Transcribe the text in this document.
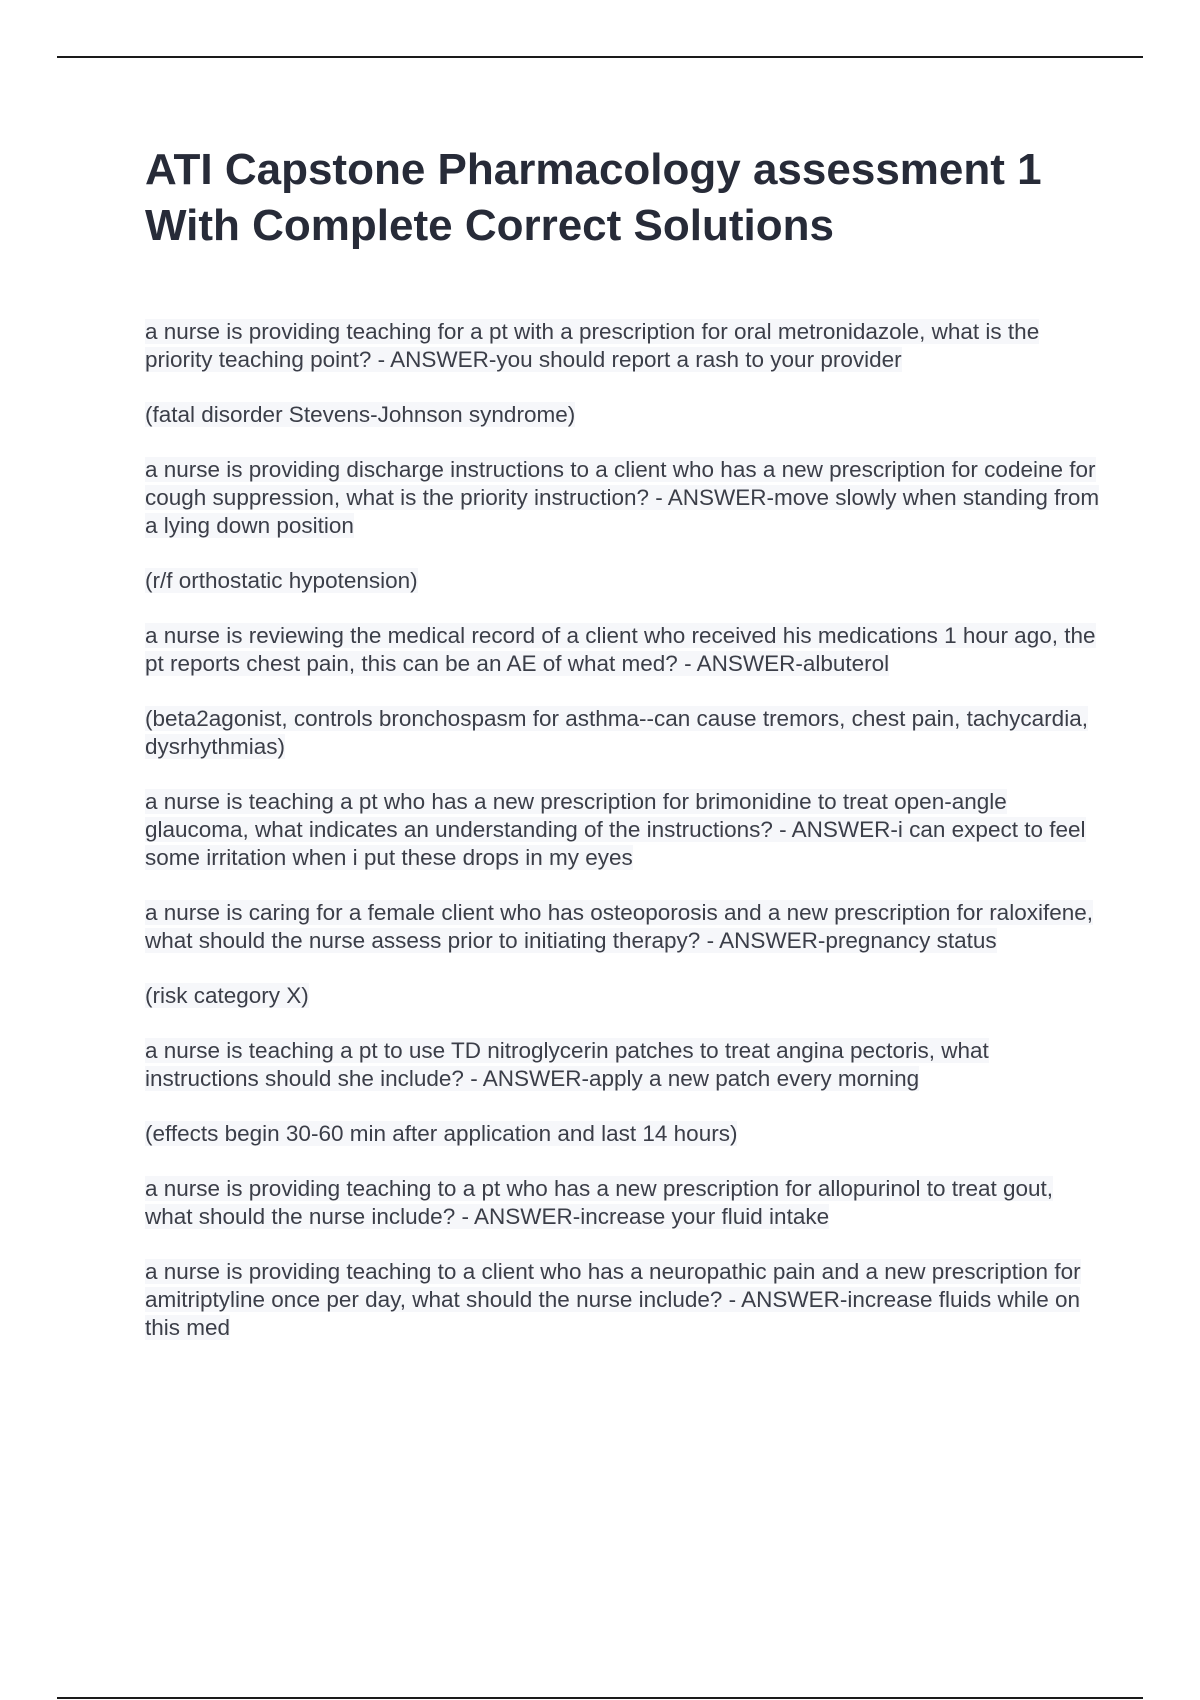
ATI Capstone Pharmacology assessment 1 With Complete Correct Solutions

a nurse is providing teaching for a pt with a prescription for oral metronidazole, what is the priority teaching point? - ANSWER-you should report a rash to your provider

(fatal disorder Stevens-Johnson syndrome)

a nurse is providing discharge instructions to a client who has a new prescription for codeine for cough suppression, what is the priority instruction? - ANSWER-move slowly when standing from a lying down position

(r/f orthostatic hypotension)

a nurse is reviewing the medical record of a client who received his medications 1 hour ago, the pt reports chest pain, this can be an AE of what med? - ANSWER-albuterol

(beta2agonist, controls bronchospasm for asthma--can cause tremors, chest pain, tachycardia, dysrhythmias)

a nurse is teaching a pt who has a new prescription for brimonidine to treat open-angle glaucoma, what indicates an understanding of the instructions? - ANSWER-i can expect to feel some irritation when i put these drops in my eyes

a nurse is caring for a female client who has osteoporosis and a new prescription for raloxifene, what should the nurse assess prior to initiating therapy? - ANSWER-pregnancy status

(risk category X)

a nurse is teaching a pt to use TD nitroglycerin patches to treat angina pectoris, what instructions should she include? - ANSWER-apply a new patch every morning

(effects begin 30-60 min after application and last 14 hours)

a nurse is providing teaching to a pt who has a new prescription for allopurinol to treat gout, what should the nurse include? - ANSWER-increase your fluid intake

a nurse is providing teaching to a client who has a neuropathic pain and a new prescription for amitriptyline once per day, what should the nurse include? - ANSWER-increase fluids while on this med
